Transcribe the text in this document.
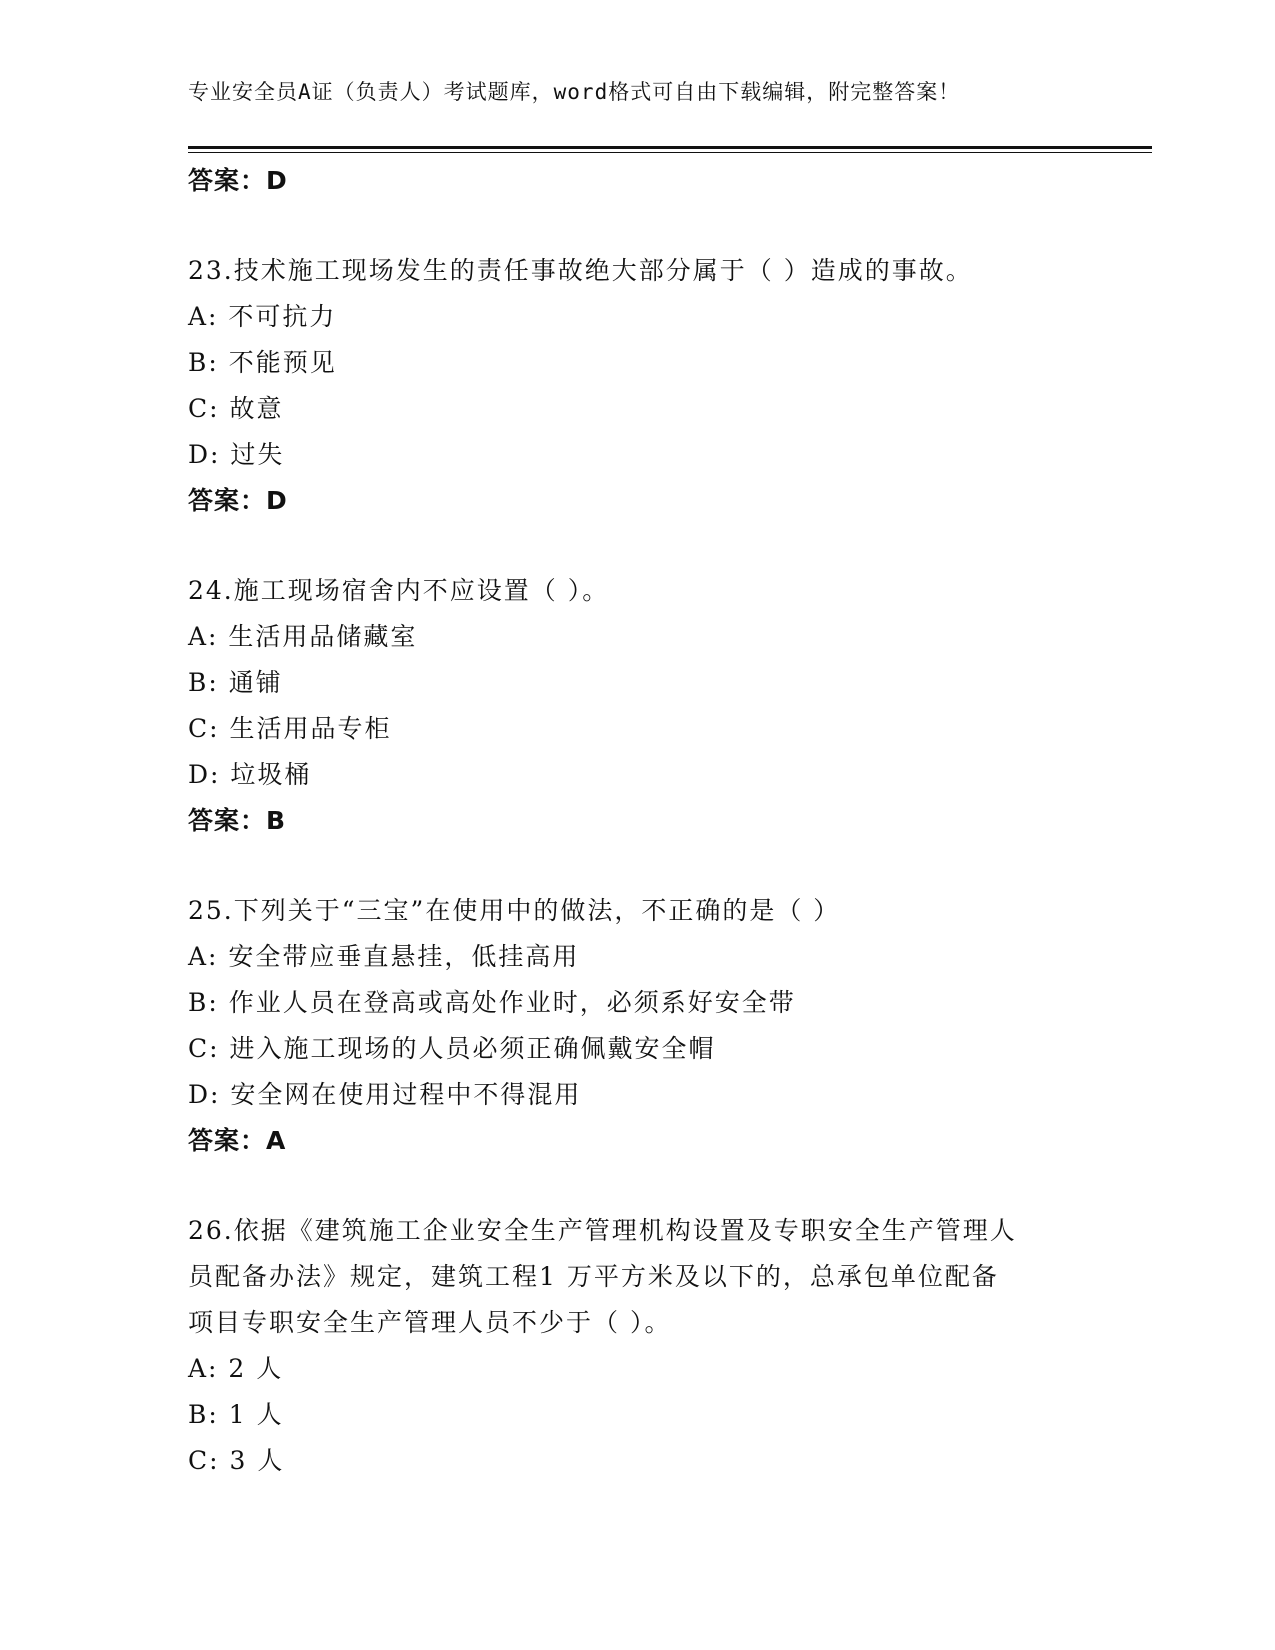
专业安全员A证（负责人）考试题库，word格式可自由下载编辑，附完整答案！
答案：D
23.技术施工现场发生的责任事故绝大部分属于（ ）造成的事故。
A: 不可抗力
B: 不能预见
C: 故意
D: 过失
答案：D
24.施工现场宿舍内不应设置（ ）。
A: 生活用品储藏室
B: 通铺
C: 生活用品专柜
D: 垃圾桶
答案：B
25.下列关于“三宝”在使用中的做法，不正确的是（ ）
A: 安全带应垂直悬挂，低挂高用
B: 作业人员在登高或高处作业时，必须系好安全带
C: 进入施工现场的人员必须正确佩戴安全帽
D: 安全网在使用过程中不得混用
答案：A
26.依据《建筑施工企业安全生产管理机构设置及专职安全生产管理人
员配备办法》规定，建筑工程1 万平方米及以下的，总承包单位配备
项目专职安全生产管理人员不少于（ ）。
A: 2 人
B: 1 人
C: 3 人
